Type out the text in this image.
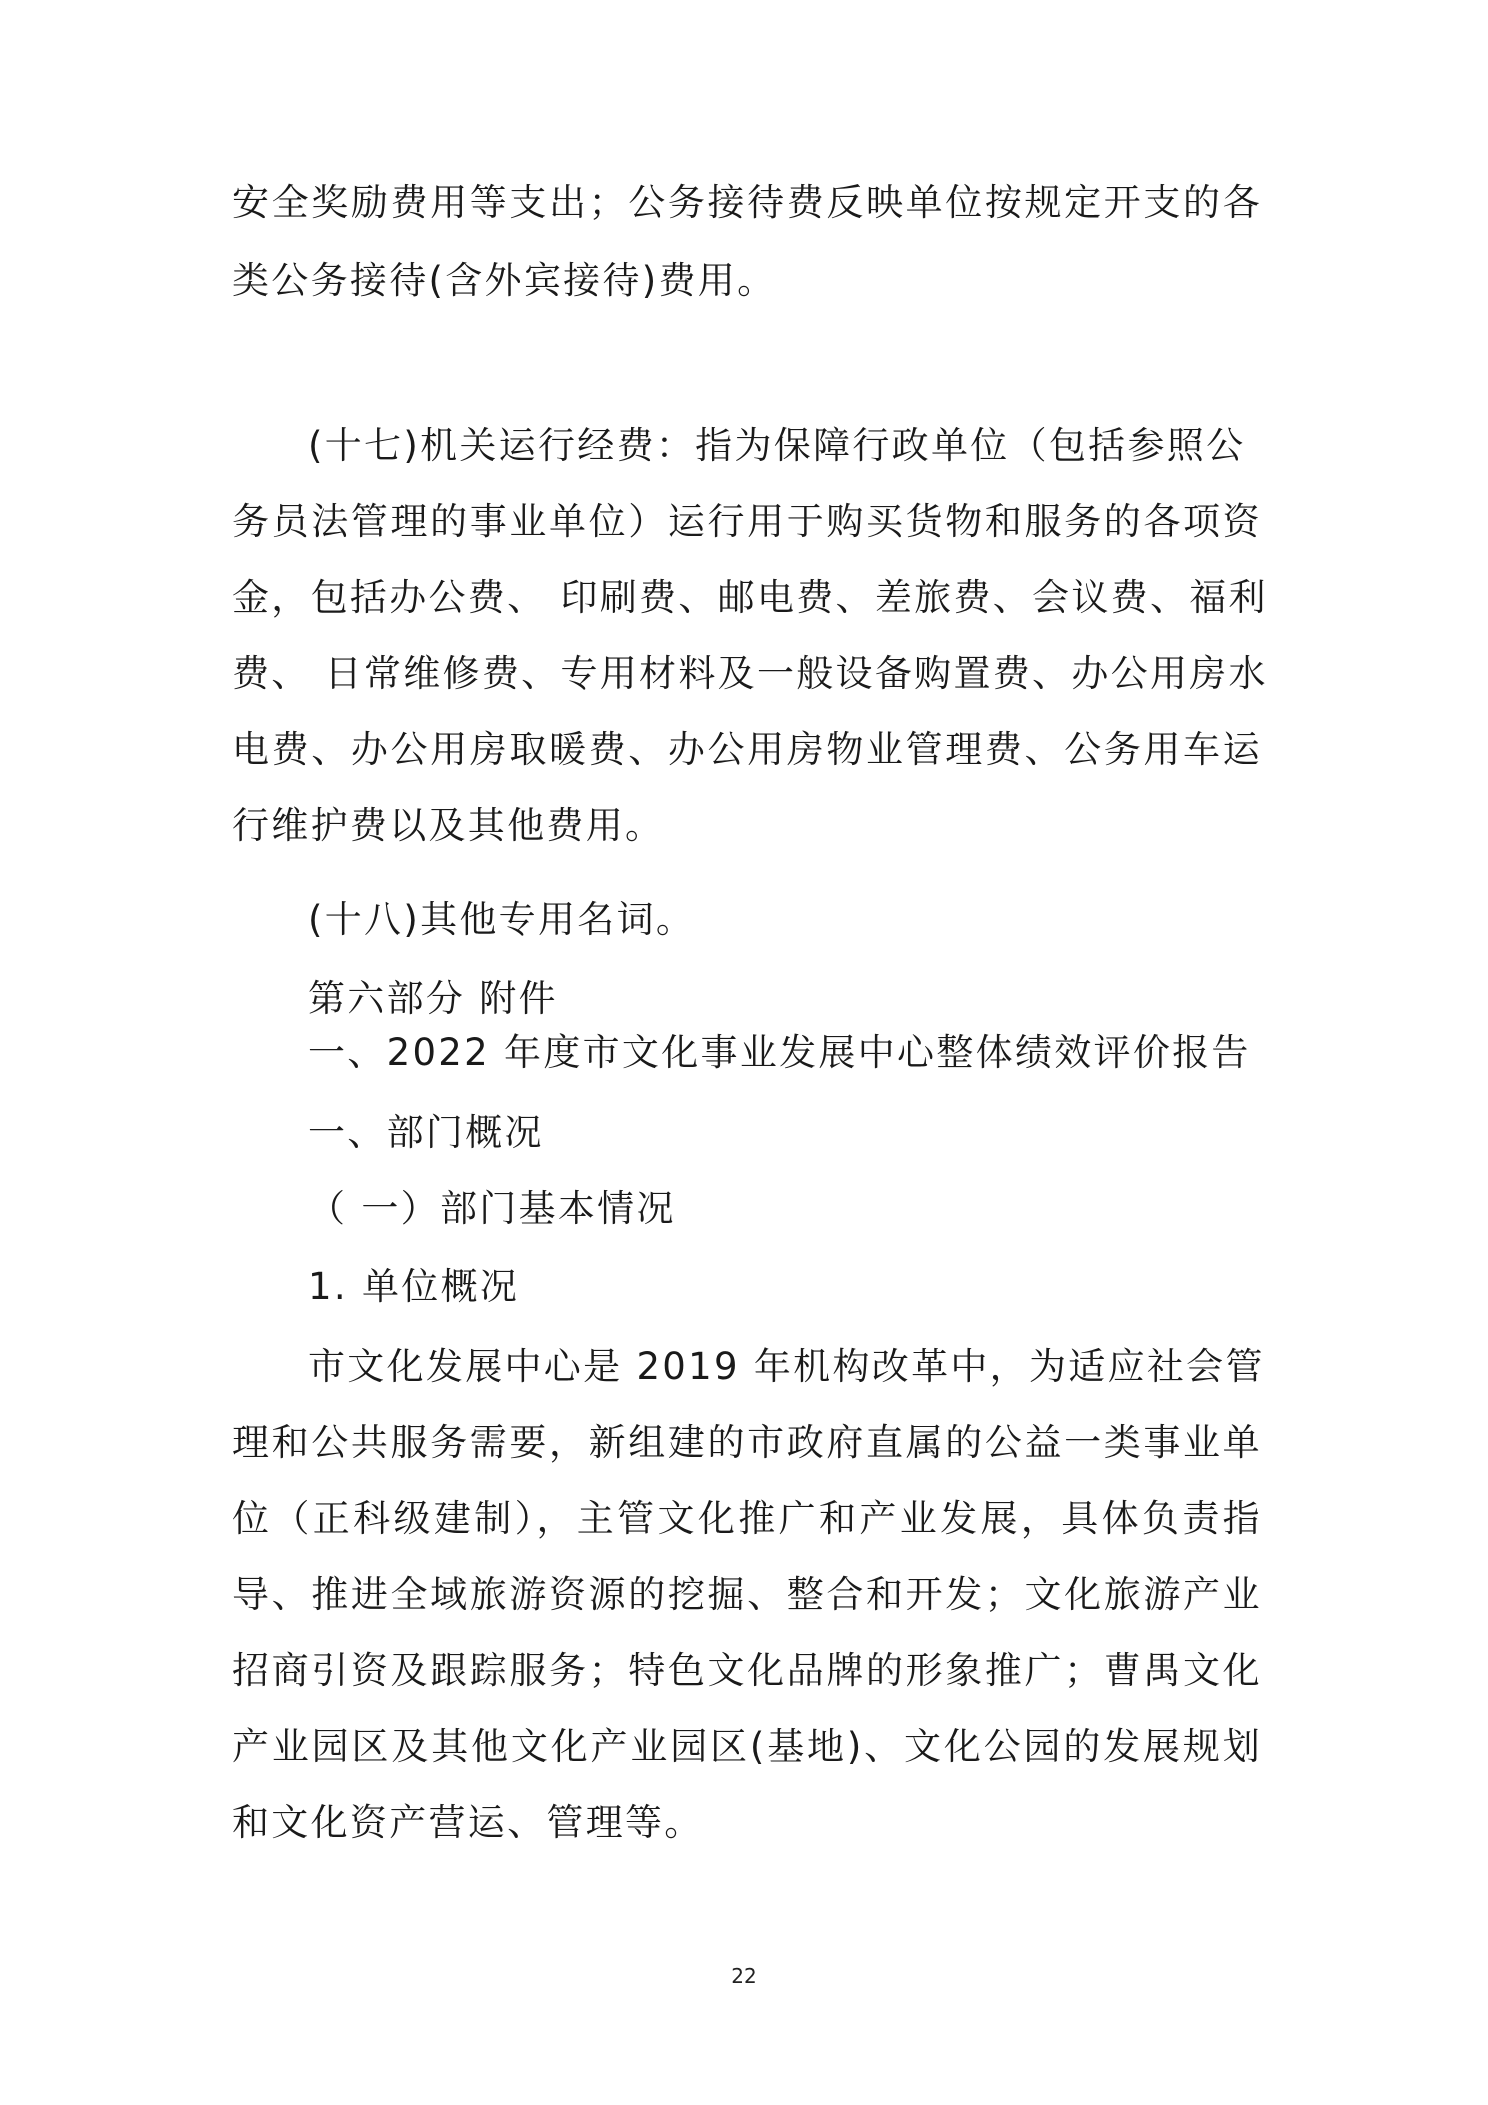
安全奖励费用等支出；公务接待费反映单位按规定开支的各
类公务接待(含外宾接待)费用。
(十七)机关运行经费：指为保障行政单位（包括参照公
务员法管理的事业单位）运行用于购买货物和服务的各项资
金，包括办公费、 印刷费、邮电费、差旅费、会议费、福利
费、 日常维修费、专用材料及一般设备购置费、办公用房水
电费、办公用房取暖费、办公用房物业管理费、公务用车运
行维护费以及其他费用。
(十八)其他专用名词。
第六部分 附件
一、2022 年度市文化事业发展中心整体绩效评价报告
一、部门概况
（ 一）部门基本情况
1. 单位概况
市文化发展中心是 2019 年机构改革中，为适应社会管
理和公共服务需要，新组建的市政府直属的公益一类事业单
位（正科级建制），主管文化推广和产业发展，具体负责指
导、推进全域旅游资源的挖掘、整合和开发；文化旅游产业
招商引资及跟踪服务；特色文化品牌的形象推广；曹禺文化
产业园区及其他文化产业园区(基地)、文化公园的发展规划
和文化资产营运、管理等。
22
